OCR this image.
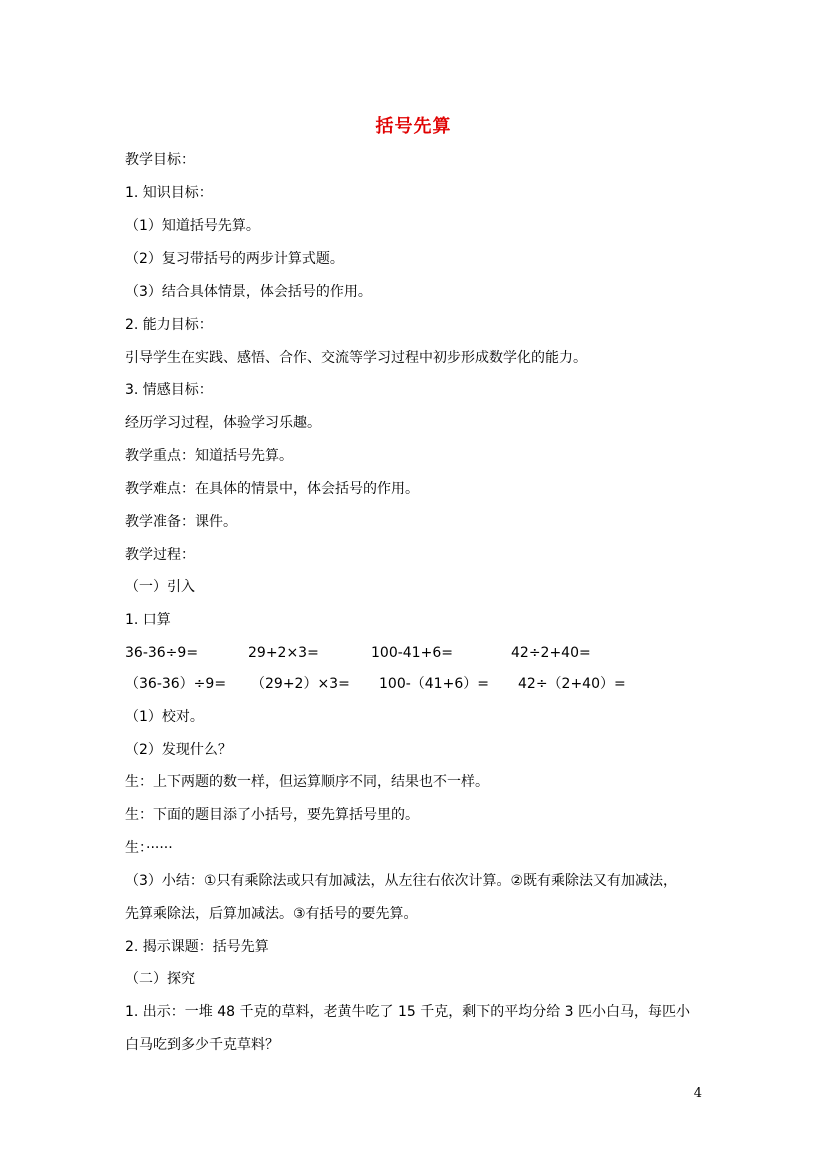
括号先算
教学目标：
1. 知识目标：
（1）知道括号先算。
（2）复习带括号的两步计算式题。
（3）结合具体情景，体会括号的作用。
2. 能力目标：
引导学生在实践、感悟、合作、交流等学习过程中初步形成数学化的能力。
3. 情感目标：
经历学习过程，体验学习乐趣。
教学重点：知道括号先算。
教学难点：在具体的情景中，体会括号的作用。
教学准备：课件。
教学过程：
（一）引入
1. 口算
36-36÷9=	29+2×3=	100-41+6=	42÷2+40=
（36-36）÷9= （29+2）×3= 100-（41+6）= 42÷（2+40）=
（1）校对。
（2）发现什么？
生：上下两题的数一样，但运算顺序不同，结果也不一样。
生：下面的题目添了小括号，要先算括号里的。
生：······
（3）小结：①只有乘除法或只有加减法，从左往右依次计算。②既有乘除法又有加减法，
先算乘除法，后算加减法。③有括号的要先算。
2. 揭示课题：括号先算
（二）探究
1. 出示：一堆 48 千克的草料，老黄牛吃了 15 千克，剩下的平均分给 3 匹小白马，每匹小
白马吃到多少千克草料？
4
